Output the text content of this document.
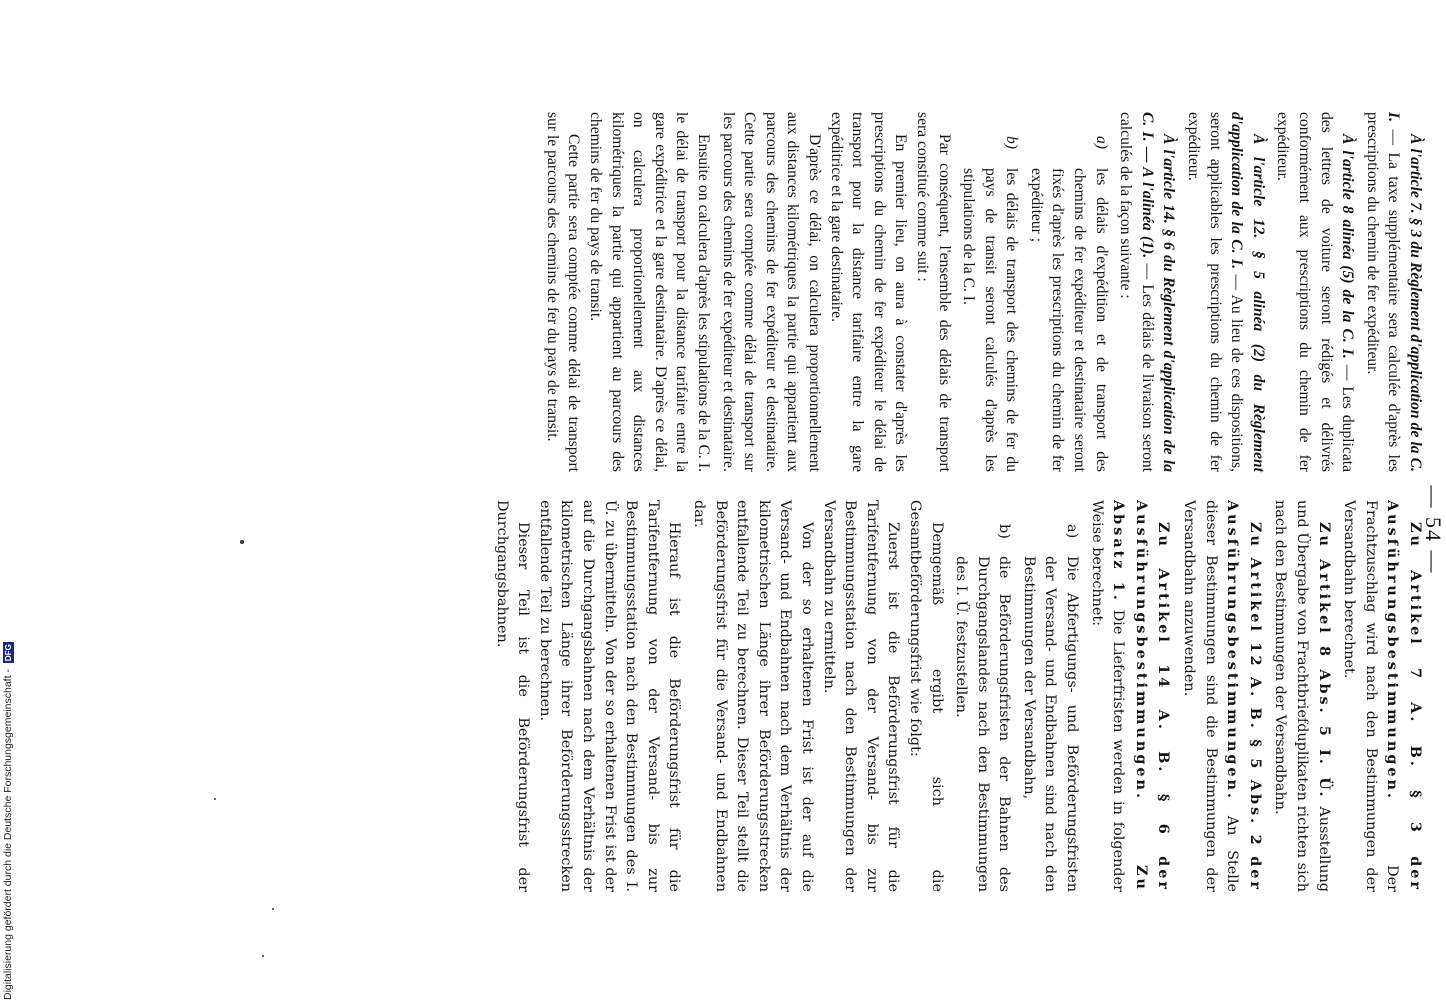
— 54 —

À l'article 7. § 3 du Règlement d'application de la C. I. — La taxe supplémentaire sera calculée d'après les prescriptions du chemin de fer expéditeur.

À l'article 8 alinéa (5) de la C. I. — Les duplicata des lettres de voiture seront rédigés et délivrés conformément aux prescriptions du chemin de fer expéditeur.

À l'article 12. § 5 alinéa (2) du Règlement d'application de la C. I. — Au lieu de ces dispositions, seront applicables les prescriptions du chemin de fer expéditeur.

À l'article 14. § 6 du Règlement d'application de la C. I. — A l'alinéa (1). — Les délais de livraison seront calculés de la façon suivante :

a)
les délais d'expédition et de transport des chemins de fer expéditeur et destinataire seront fixés d'après les prescriptions du chemin de fer expéditeur ;
b)
les délais de transport des chemins de fer du pays de transit seront calculés d'après les stipulations de la C. I.

Par conséquent, l'ensemble des délais de transport sera constitué comme suit :

En premier lieu, on aura à constater d'après les prescriptions du chemin de fer expéditeur le délai de transport pour la distance tarifaire entre la gare expéditrice et la gare destinataire.

D'après ce délai, on calculera proportionnellement aux distances kilométriques la partie qui appartient aux parcours des chemins de fer expéditeur et destinataire. Cette partie sera comptée comme délai de transport sur les parcours des chemins de fer expéditeur et destinataire.

Ensuite on calculera d'après les stipulations de la C. I. le délai de transport pour la distance tarifaire entre la gare expéditrice et la gare destinataire. D'après ce délai, on calculera proportionellement aux distances kilométriques la partie qui appartient au parcours des chemins de fer du pays de transit.

Cette partie sera comptée comme délai de transport sur le parcours des chemins de fer du pays de transit.

Zu Artikel 7 A. B. § 3 der Ausführungsbestimmungen. Der Frachtzuschlag wird nach den Bestimmungen der Versandbahn berechnet.

Zu Artikel 8 Abs. 5 I. Ü. Ausstellung und Übergabe von Frachtbriefduplikaten richten sich nach den Bestimmungen der Versandbahn.

Zu Artikel 12 A. B. § 5 Abs. 2 der Ausführungsbestimmungen. An Stelle dieser Bestimmungen sind die Bestimmungen der Versandbahn anzuwenden.

Zu Artikel 14 A. B. § 6 der Ausführungsbestimmungen. Zu Absatz 1. Die Lieferfristen werden in folgender Weise berechnet:

a)
Die Abfertigungs- und Beförderungsfristen der Versand- und Endbahnen sind nach den Bestimmungen der Versandbahn,
b)
die Beförderungsfristen der Bahnen des Durchgangslandes nach den Bestimmungen des I. Ü. festzustellen.

Demgemäß ergibt sich die Gesamtbeförderungsfrist wie folgt:

Zuerst ist die Beförderungsfrist für die Tarifentfernung von der Versand- bis zur Bestimmungsstation nach den Bestimmungen der Versandbahn zu ermitteln.

Von der so erhaltenen Frist ist der auf die Versand- und Endbahnen nach dem Verhältnis der kilometrischen Länge ihrer Beförderungsstrecken entfallende Teil zu berechnen. Dieser Teil stellt die Beförderungsfrist für die Versand- und Endbahnen dar.

Hierauf ist die Beförderungsfrist für die Tarifentfernung von der Versand- bis zur Bestimmungsstation nach den Bestimmungen des I. Ü. zu übermitteln. Von der so erhaltenen Frist ist der auf die Durchgangsbahnen nach dem Verhältnis der kilometrischen Länge ihrer Beförderungsstrecken entfallende Teil zu berechnen.

Dieser Teil ist die Beförderungsfrist der Durchgangsbahnen.

Digitalisierung gefördert durch die Deutsche Forschungsgemeinschaft -
DFG
